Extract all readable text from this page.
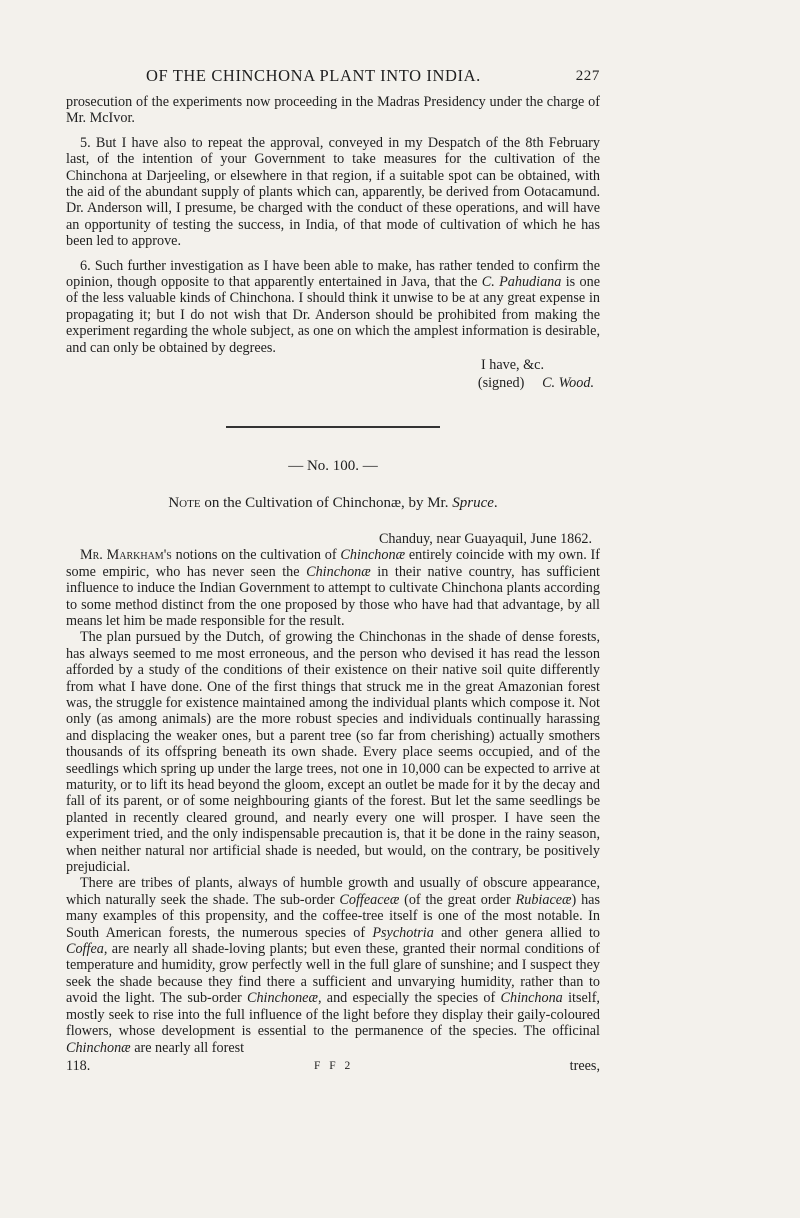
OF THE CHINCHONA PLANT INTO INDIA.	227

prosecution of the experiments now proceeding in the Madras Presidency under the charge of Mr. McIvor.

5. But I have also to repeat the approval, conveyed in my Despatch of the 8th February last, of the intention of your Government to take measures for the cultivation of the Chinchona at Darjeeling, or elsewhere in that region, if a suitable spot can be obtained, with the aid of the abundant supply of plants which can, apparently, be derived from Ootacamund. Dr. Anderson will, I presume, be charged with the conduct of these operations, and will have an opportunity of testing the success, in India, of that mode of cultivation of which he has been led to approve.

6. Such further investigation as I have been able to make, has rather tended to confirm the opinion, though opposite to that apparently entertained in Java, that the C. Pahudiana is one of the less valuable kinds of Chinchona. I should think it unwise to be at any great expense in propagating it; but I do not wish that Dr. Anderson should be prohibited from making the experiment regarding the whole subject, as one on which the amplest information is desirable, and can only be obtained by degrees.

I have, &c.
(signed) C. Wood.
— No. 100. —
Note on the Cultivation of Chinchonæ, by Mr. Spruce.

Chanduy, near Guayaquil, June 1862.

Mr. Markham's notions on the cultivation of Chinchonæ entirely coincide with my own. If some empiric, who has never seen the Chinchonæ in their native country, has sufficient influence to induce the Indian Government to attempt to cultivate Chinchona plants according to some method distinct from the one proposed by those who have had that advantage, by all means let him be made responsible for the result.

The plan pursued by the Dutch, of growing the Chinchonas in the shade of dense forests, has always seemed to me most erroneous, and the person who devised it has read the lesson afforded by a study of the conditions of their existence on their native soil quite differently from what I have done. One of the first things that struck me in the great Amazonian forest was, the struggle for existence maintained among the individual plants which compose it. Not only (as among animals) are the more robust species and individuals continually harassing and displacing the weaker ones, but a parent tree (so far from cherishing) actually smothers thousands of its offspring beneath its own shade. Every place seems occupied, and of the seedlings which spring up under the large trees, not one in 10,000 can be expected to arrive at maturity, or to lift its head beyond the gloom, except an outlet be made for it by the decay and fall of its parent, or of some neighbouring giants of the forest. But let the same seedlings be planted in recently cleared ground, and nearly every one will prosper. I have seen the experiment tried, and the only indispensable precaution is, that it be done in the rainy season, when neither natural nor artificial shade is needed, but would, on the contrary, be positively prejudicial.

There are tribes of plants, always of humble growth and usually of obscure appearance, which naturally seek the shade. The sub-order Coffeaceæ (of the great order Rubiaceæ) has many examples of this propensity, and the coffee-tree itself is one of the most notable. In South American forests, the numerous species of Psychotria and other genera allied to Coffea, are nearly all shade-loving plants; but even these, granted their normal conditions of temperature and humidity, grow perfectly well in the full glare of sunshine; and I suspect they seek the shade because they find there a sufficient and unvarying humidity, rather than to avoid the light. The sub-order Chinchoneæ, and especially the species of Chinchona itself, mostly seek to rise into the full influence of the light before they display their gaily-coloured flowers, whose development is essential to the permanence of the species. The officinal Chinchonæ are nearly all forest

118.	F F 2	trees,
